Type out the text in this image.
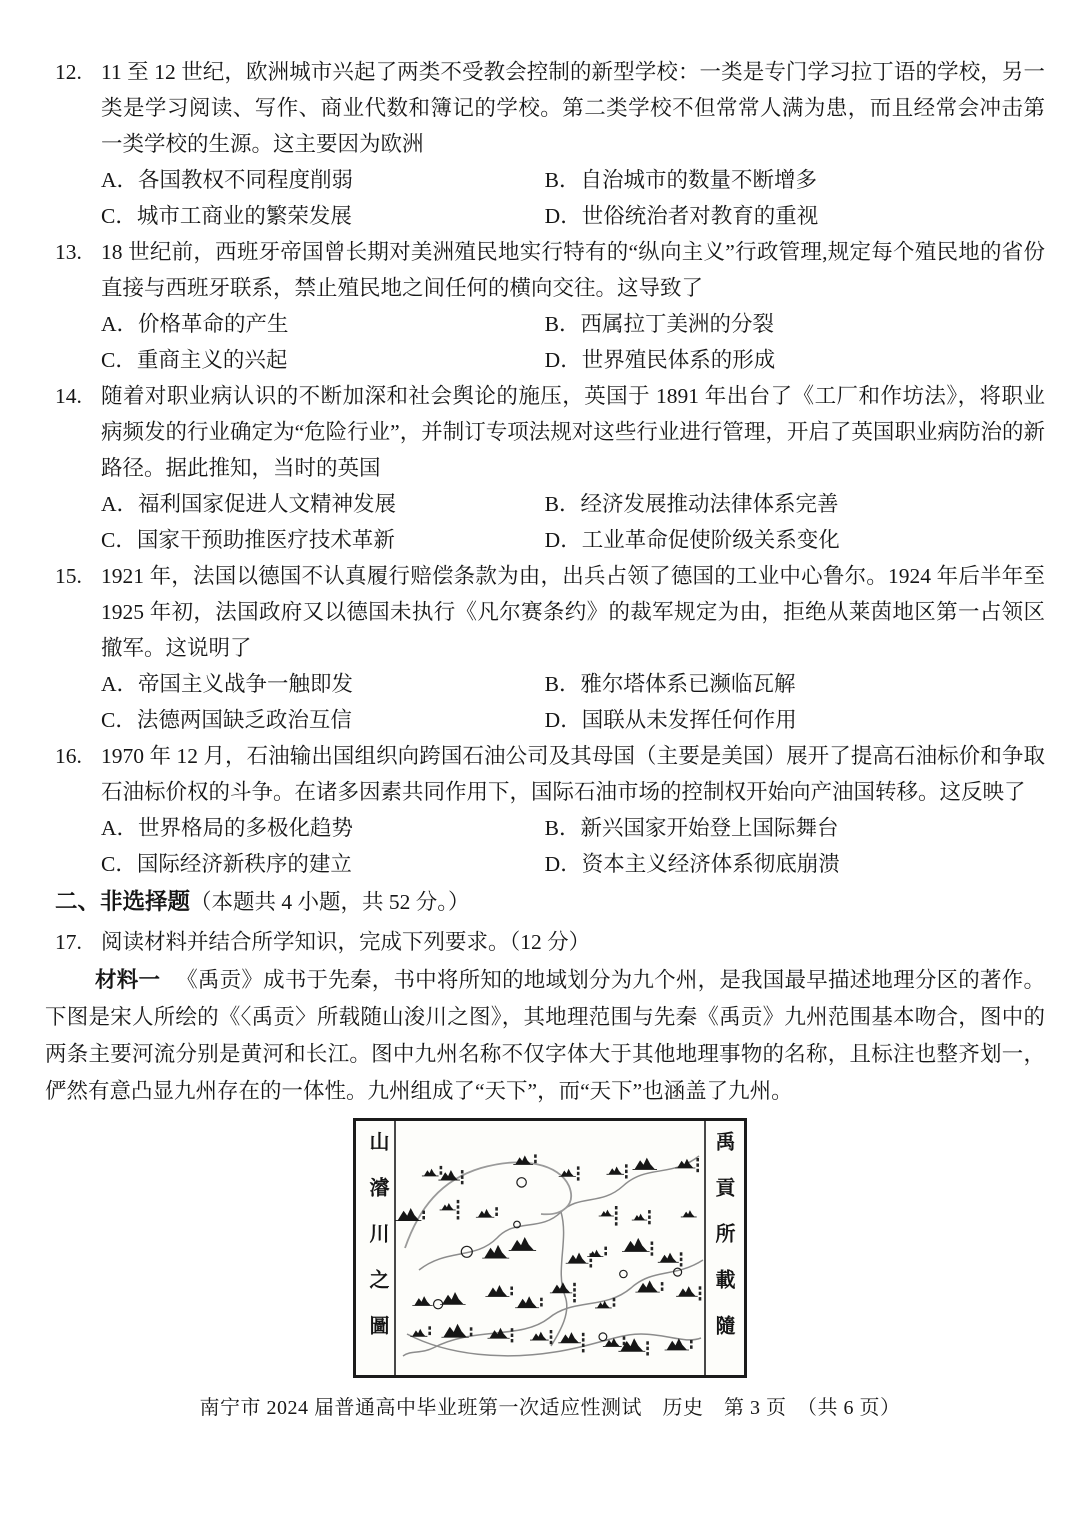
12. 11 至 12 世纪，欧洲城市兴起了两类不受教会控制的新型学校：一类是专门学习拉丁语的学校，另一类是学习阅读、写作、商业代数和簿记的学校。第二类学校不但常常人满为患，而且经常会冲击第一类学校的生源。这主要因为欧洲
A．各国教权不同程度削弱	B．自治城市的数量不断增多
C．城市工商业的繁荣发展	D．世俗统治者对教育的重视
13. 18 世纪前，西班牙帝国曾长期对美洲殖民地实行特有的“纵向主义”行政管理,规定每个殖民地的省份直接与西班牙联系，禁止殖民地之间任何的横向交往。这导致了
A．价格革命的产生	B．西属拉丁美洲的分裂
C．重商主义的兴起	D．世界殖民体系的形成
14. 随着对职业病认识的不断加深和社会舆论的施压，英国于 1891 年出台了《工厂和作坊法》，将职业病频发的行业确定为“危险行业”，并制订专项法规对这些行业进行管理，开启了英国职业病防治的新路径。据此推知，当时的英国
A．福利国家促进人文精神发展	B．经济发展推动法律体系完善
C．国家干预助推医疗技术革新	D．工业革命促使阶级关系变化
15. 1921 年，法国以德国不认真履行赔偿条款为由，出兵占领了德国的工业中心鲁尔。1924 年后半年至 1925 年初，法国政府又以德国未执行《凡尔赛条约》的裁军规定为由，拒绝从莱茵地区第一占领区撤军。这说明了
A．帝国主义战争一触即发	B．雅尔塔体系已濒临瓦解
C．法德两国缺乏政治互信	D．国联从未发挥任何作用
16. 1970 年 12 月，石油输出国组织向跨国石油公司及其母国（主要是美国）展开了提高石油标价和争取石油标价权的斗争。在诸多因素共同作用下，国际石油市场的控制权开始向产油国转移。这反映了
A．世界格局的多极化趋势	B．新兴国家开始登上国际舞台
C．国际经济新秩序的建立	D．资本主义经济体系彻底崩溃
二、非选择题（本题共 4 小题，共 52 分。）
17. 阅读材料并结合所学知识，完成下列要求。（12 分）

材料一 《禹贡》成书于先秦，书中将所知的地域划分为九个州，是我国最早描述地理分区的著作。下图是宋人所绘的《〈禹贡〉所载随山浚川之图》，其地理范围与先秦《禹贡》九州范围基本吻合，图中的两条主要河流分别是黄河和长江。图中九州名称不仅字体大于其他地理事物的名称，且标注也整齐划一，俨然有意凸显九州存在的一体性。九州组成了“天下”，而“天下”也涵盖了九州。

山濬川之圖	禹貢所載隨
南宁市 2024 届普通高中毕业班第一次适应性测试　历史　第 3 页　（共 6 页）
